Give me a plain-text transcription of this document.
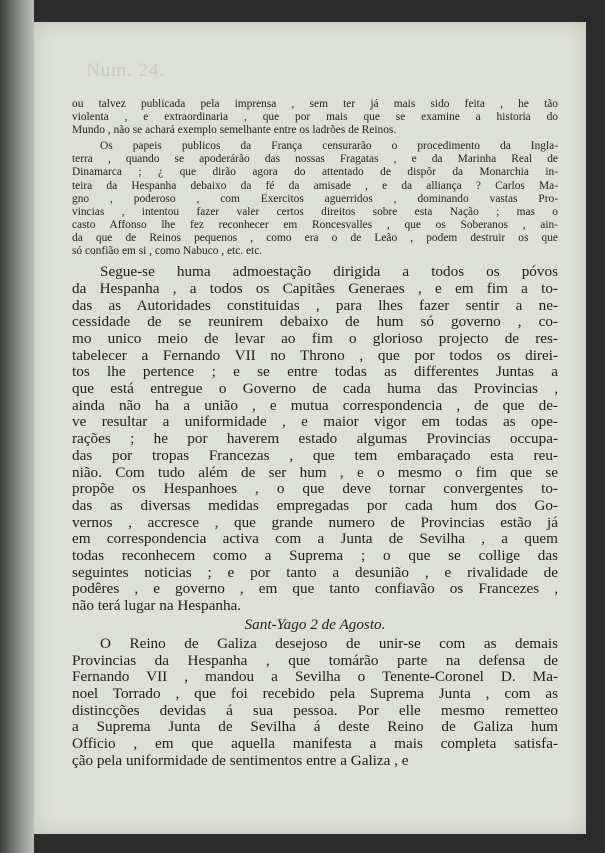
Num. 24.

ou talvez publicada pela imprensa , sem ter já mais sido feita , he tão
violenta , e extraordinaria , que por mais que se examine a historia do
Mundo , não se achará exemplo semelhante entre os ladrões de Reinos.

Os papeis publicos da França censurarão o procedimento da Ingla-
terra , quando se apoderárão das nossas Fragatas , e da Marinha Real de
Dinamarca ; ¿ que dirão agora do attentado de dispôr da Monarchia in-
teira da Hespanha debaixo da fé da amisade , e da alliança ? Carlos Ma-
gno , poderoso , com Exercitos aguerridos , dominando vastas Pro-
vincias , intentou fazer valer certos direitos sobre esta Nação ; mas o
casto Affonso lhe fez reconhecer em Roncesvalles , que os Soberanos , ain-
da que de Reinos pequenos , como era o de Leão , podem destruir os que
só confião em si , como Nabuco , etc. etc.

Segue-se huma admoestação dirigida a todos os póvos
da Hespanha , a todos os Capitães Generaes , e em fim a to-
das as Autoridades constituidas , para lhes fazer sentir a ne-
cessidade de se reunirem debaixo de hum só governo , co-
mo unico meio de levar ao fim o glorioso projecto de res-
tabelecer a Fernando VII no Throno , que por todos os direi-
tos lhe pertence ; e se entre todas as differentes Juntas a
que está entregue o Governo de cada huma das Provincias ,
ainda não ha a união , e mutua correspondencia , de que de-
ve resultar a uniformidade , e maior vigor em todas as ope-
rações ; he por haverem estado algumas Provincias occupa-
das por tropas Francezas , que tem embaraçado esta reu-
nião. Com tudo além de ser hum , e o mesmo o fim que se
propõe os Hespanhoes , o que deve tornar convergentes to-
das as diversas medidas empregadas por cada hum dos Go-
vernos , accresce , que grande numero de Provincias estão já
em correspondencia activa com a Junta de Sevilha , a quem
todas reconhecem como a Suprema ; o que se collige das
seguintes noticias ; e por tanto a desunião , e rivalidade de
podêres , e governo , em que tanto confiavão os Francezes ,
não terá lugar na Hespanha.

Sant-Yago 2 de Agosto.

O Reino de Galiza desejoso de unir-se com as demais
Provincias da Hespanha , que tomárão parte na defensa de
Fernando VII , mandou a Sevilha o Tenente-Coronel D. Ma-
noel Torrado , que foi recebido pela Suprema Junta , com as
distincções devidas á sua pessoa. Por elle mesmo remetteo
a Suprema Junta de Sevilha á deste Reino de Galiza hum
Officio , em que aquella manifesta a mais completa satisfa-
ção pela uniformidade de sentimentos entre a Galiza , e
